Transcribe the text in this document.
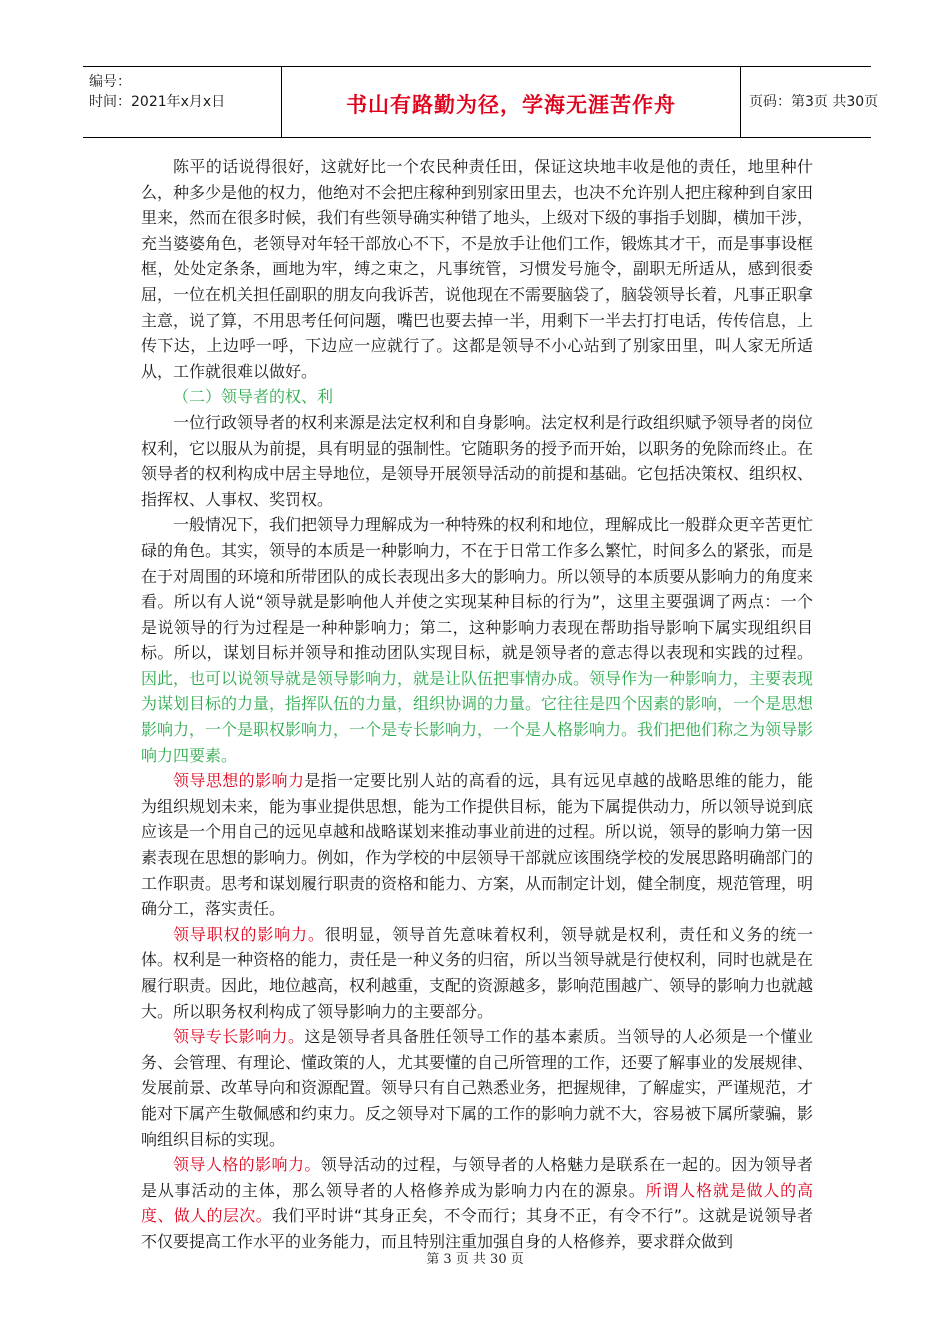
编号：
时间：2021年x月x日	书山有路勤为径，学海无涯苦作舟	页码：第3页 共30页

陈平的话说得很好，这就好比一个农民种责任田，保证这块地丰收是他的责任，地里种什么，种多少是他的权力，他绝对不会把庄稼种到别家田里去，也决不允许别人把庄稼种到自家田里来，然而在很多时候，我们有些领导确实种错了地头，上级对下级的事指手划脚，横加干涉，充当婆婆角色，老领导对年轻干部放心不下，不是放手让他们工作，锻炼其才干，而是事事设框框，处处定条条，画地为牢，缚之束之，凡事统管，习惯发号施令，副职无所适从，感到很委屈，一位在机关担任副职的朋友向我诉苦，说他现在不需要脑袋了，脑袋领导长着，凡事正职拿主意，说了算，不用思考任何问题，嘴巴也要去掉一半，用剩下一半去打打电话，传传信息，上传下达，上边呼一呼，下边应一应就行了。这都是领导不小心站到了别家田里，叫人家无所适从，工作就很难以做好。

（二）领导者的权、利

一位行政领导者的权利来源是法定权利和自身影响。法定权利是行政组织赋予领导者的岗位权利，它以服从为前提，具有明显的强制性。它随职务的授予而开始，以职务的免除而终止。在领导者的权利构成中居主导地位，是领导开展领导活动的前提和基础。它包括决策权、组织权、指挥权、人事权、奖罚权。

一般情况下，我们把领导力理解成为一种特殊的权利和地位，理解成比一般群众更辛苦更忙碌的角色。其实，领导的本质是一种影响力，不在于日常工作多么繁忙，时间多么的紧张，而是在于对周围的环境和所带团队的成长表现出多大的影响力。所以领导的本质要从影响力的角度来看。所以有人说“领导就是影响他人并使之实现某种目标的行为”，这里主要强调了两点：一个是说领导的行为过程是一种种影响力；第二，这种影响力表现在帮助指导影响下属实现组织目标。所以，谋划目标并领导和推动团队实现目标，就是领导者的意志得以表现和实践的过程。因此，也可以说领导就是领导影响力，就是让队伍把事情办成。领导作为一种影响力，主要表现为谋划目标的力量，指挥队伍的力量，组织协调的力量。它往往是四个因素的影响，一个是思想影响力，一个是职权影响力，一个是专长影响力，一个是人格影响力。我们把他们称之为领导影响力四要素。

领导思想的影响力是指一定要比别人站的高看的远，具有远见卓越的战略思维的能力，能为组织规划未来，能为事业提供思想，能为工作提供目标，能为下属提供动力，所以领导说到底应该是一个用自己的远见卓越和战略谋划来推动事业前进的过程。所以说，领导的影响力第一因素表现在思想的影响力。例如，作为学校的中层领导干部就应该围绕学校的发展思路明确部门的工作职责。思考和谋划履行职责的资格和能力、方案，从而制定计划，健全制度，规范管理，明确分工，落实责任。

领导职权的影响力。很明显，领导首先意味着权利，领导就是权利，责任和义务的统一体。权利是一种资格的能力，责任是一种义务的归宿，所以当领导就是行使权利，同时也就是在履行职责。因此，地位越高，权利越重，支配的资源越多，影响范围越广、领导的影响力也就越大。所以职务权利构成了领导影响力的主要部分。

领导专长影响力。这是领导者具备胜任领导工作的基本素质。当领导的人必须是一个懂业务、会管理、有理论、懂政策的人，尤其要懂的自己所管理的工作，还要了解事业的发展规律、发展前景、改革导向和资源配置。领导只有自己熟悉业务，把握规律，了解虚实，严谨规范，才能对下属产生敬佩感和约束力。反之领导对下属的工作的影响力就不大，容易被下属所蒙骗，影响组织目标的实现。

领导人格的影响力。领导活动的过程，与领导者的人格魅力是联系在一起的。因为领导者是从事活动的主体，那么领导者的人格修养成为影响力内在的源泉。所谓人格就是做人的高度、做人的层次。我们平时讲“其身正矣，不令而行；其身不正，有令不行”。这就是说领导者不仅要提高工作水平的业务能力，而且特别注重加强自身的人格修养，要求群众做到

第 3 页 共 30 页
